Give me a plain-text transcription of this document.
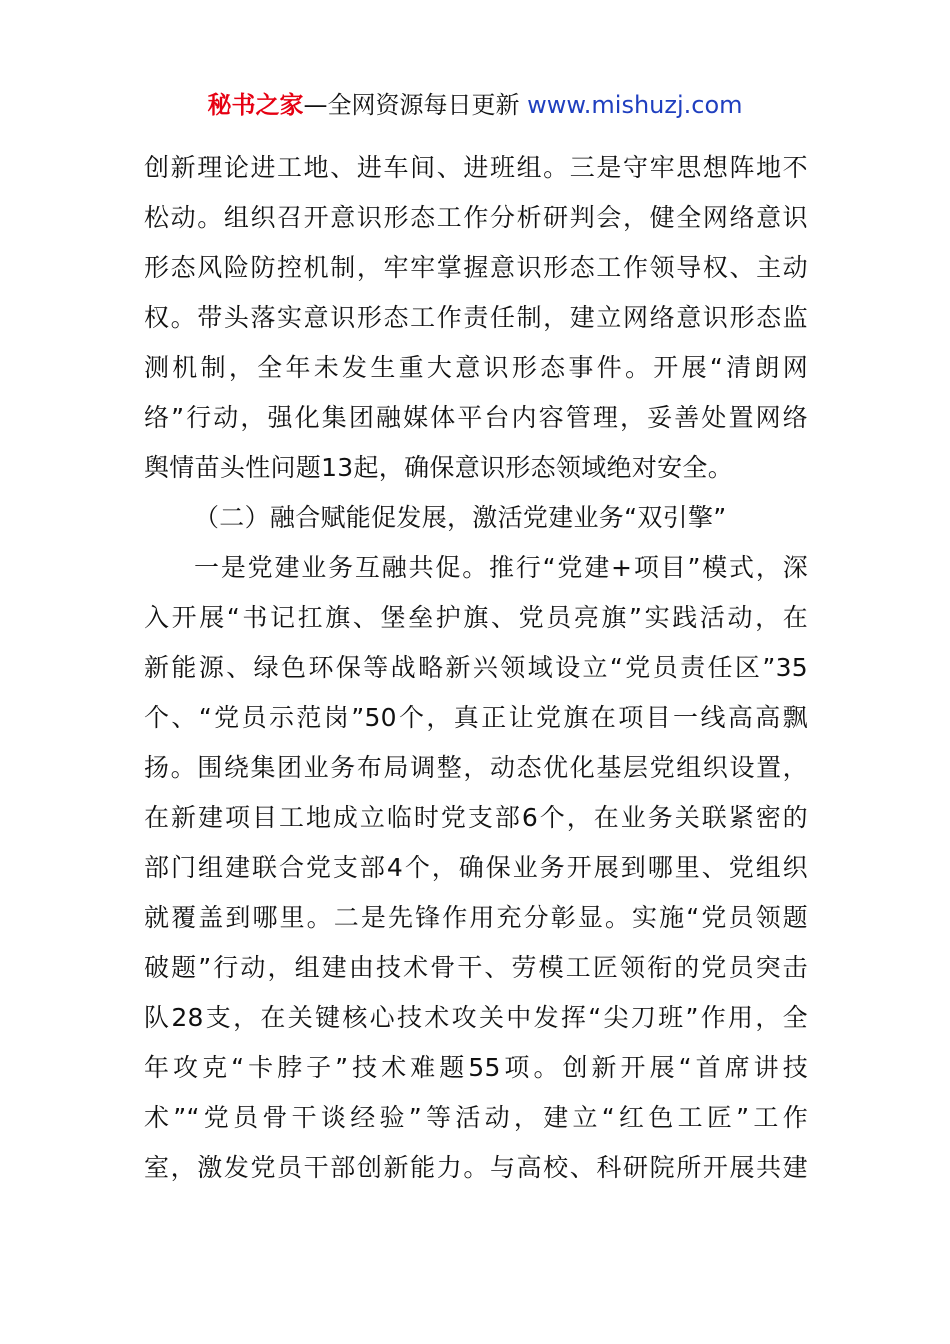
秘书之家—全网资源每日更新 www.mishuzj.com
创新理论进工地、进车间、进班组。三是守牢思想阵地不
松动。组织召开意识形态工作分析研判会，健全网络意识
形态风险防控机制，牢牢掌握意识形态工作领导权、主动
权。带头落实意识形态工作责任制，建立网络意识形态监
测机制，全年未发生重大意识形态事件。开展“清朗网
络”行动，强化集团融媒体平台内容管理，妥善处置网络
舆情苗头性问题13起，确保意识形态领域绝对安全。
（二）融合赋能促发展，激活党建业务“双引擎”
一是党建业务互融共促。推行“党建+项目”模式，深
入开展“书记扛旗、堡垒护旗、党员亮旗”实践活动，在
新能源、绿色环保等战略新兴领域设立“党员责任区”35
个、“党员示范岗”50个，真正让党旗在项目一线高高飘
扬。围绕集团业务布局调整，动态优化基层党组织设置，
在新建项目工地成立临时党支部6个，在业务关联紧密的
部门组建联合党支部4个，确保业务开展到哪里、党组织
就覆盖到哪里。二是先锋作用充分彰显。实施“党员领题
破题”行动，组建由技术骨干、劳模工匠领衔的党员突击
队28支，在关键核心技术攻关中发挥“尖刀班”作用，全
年攻克“卡脖子”技术难题55项。创新开展“首席讲技
术”“党员骨干谈经验”等活动，建立“红色工匠”工作
室，激发党员干部创新能力。与高校、科研院所开展共建
